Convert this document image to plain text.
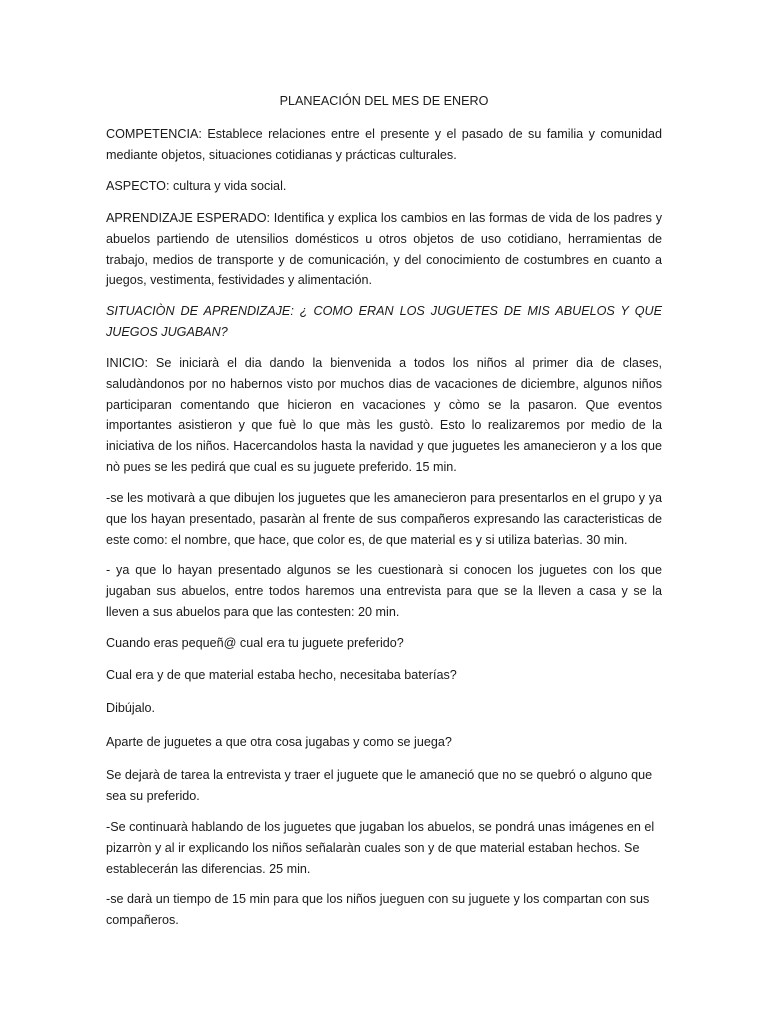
PLANEACIÓN DEL MES DE ENERO

COMPETENCIA: Establece relaciones entre el presente y el pasado de su familia y comunidad mediante objetos, situaciones cotidianas y prácticas culturales.

ASPECTO: cultura y vida social.

APRENDIZAJE ESPERADO: Identifica y explica los cambios en las formas de vida de los padres y abuelos partiendo de utensilios domésticos u otros objetos de uso cotidiano, herramientas de trabajo, medios de transporte y de comunicación, y del conocimiento de costumbres en cuanto a juegos, vestimenta, festividades y alimentación.

SITUACIÒN DE APRENDIZAJE: ¿ COMO ERAN LOS JUGUETES DE MIS ABUELOS Y QUE JUEGOS JUGABAN?

INICIO: Se iniciarà el dia dando la bienvenida a todos los niños al primer dia de clases, saludàndonos por no habernos visto por muchos dias de vacaciones de diciembre, algunos niños participaran comentando que hicieron en vacaciones y còmo se la pasaron. Que eventos importantes asistieron y que fuè lo que màs les gustò. Esto lo realizaremos por medio de la iniciativa de los niños. Hacercandolos hasta la navidad y que juguetes les amanecieron y a los que nò pues se les pedirá que cual es su juguete preferido. 15 min.

-se les motivarà a que dibujen los juguetes que les amanecieron para presentarlos en el grupo y ya que los hayan presentado, pasaràn al frente de sus compañeros expresando las caracteristicas de este como: el nombre, que hace, que color es, de que material es y si utiliza baterìas. 30 min.

- ya que lo hayan presentado algunos se les cuestionarà si conocen los juguetes con los que jugaban sus abuelos, entre todos haremos una entrevista para que se la lleven a casa y se la lleven a sus abuelos para que las contesten: 20 min.

Cuando eras pequeñ@ cual era tu juguete preferido?

Cual era y de que material estaba hecho, necesitaba baterías?

Dibújalo.

Aparte de juguetes a que otra cosa jugabas y como se juega?

Se dejarà de tarea la entrevista y traer el juguete que le amaneció que no se quebró o alguno que sea su preferido.

-Se continuarà hablando de los juguetes que jugaban los abuelos, se pondrá unas imágenes en el pizarròn y al ir explicando los niños señalaràn cuales son y de que material estaban hechos. Se establecerán las diferencias. 25 min.

-se darà un tiempo de 15 min para que los niños jueguen con su juguete y los compartan con sus compañeros.
